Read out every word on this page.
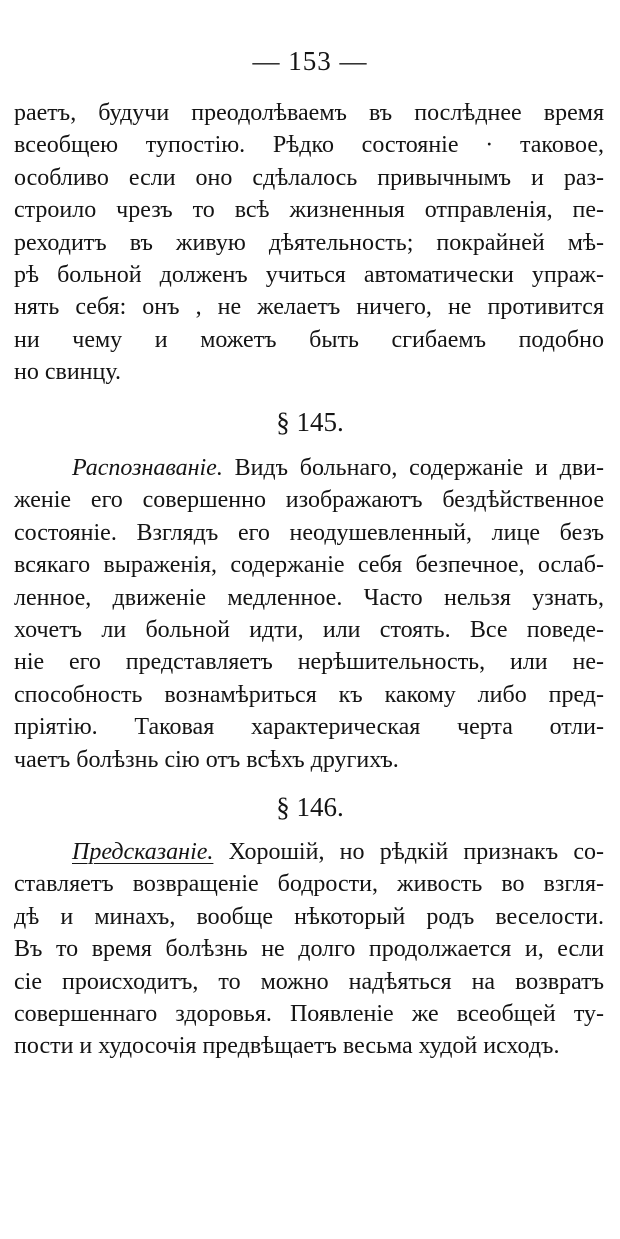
— 153 —
раетъ, будучи преодолѣваемъ въ послѣднее время
всеобщею тупостію. Рѣдко состояніе ∙ таковое,
особливо если оно сдѣлалось привычнымъ и раз-
строило чрезъ то всѣ жизненныя отправленія, пе-
реходитъ въ живую дѣятельность; покрайней мѣ-
рѣ больной долженъ учиться автоматически упраж-
нять себя: онъ , не желаетъ ничего, не противится
ни чему и можетъ быть сгибаемъ подобно
но свинцу.
§ 145.
Распознаваніе. Видъ больнаго, содержаніе и дви-
женіе его совершенно изображаютъ бездѣйственное
состояніе. Взглядъ его неодушевленный, лице безъ
всякаго выраженія, содержаніе себя безпечное, ослаб-
ленное, движеніе медленное. Часто нельзя узнать,
хочетъ ли больной идти, или стоять. Все поведе-
ніе его представляетъ нерѣшительность, или не-
способность вознамѣриться къ какому либо пред-
пріятію. Таковая характерическая черта отли-
чаетъ болѣзнь сію отъ всѣхъ другихъ.
§ 146.
Предсказаніе. Хорошій, но рѣдкій признакъ со-
ставляетъ возвращеніе бодрости, живость во взгля-
дѣ и минахъ, вообще нѣкоторый родъ веселости.
Въ то время болѣзнь не долго продолжается и, если
сіе происходитъ, то можно надѣяться на возвратъ
совершеннаго здоровья. Появленіе же всеобщей ту-
пости и худосочія предвѣщаетъ весьма худой исходъ.
